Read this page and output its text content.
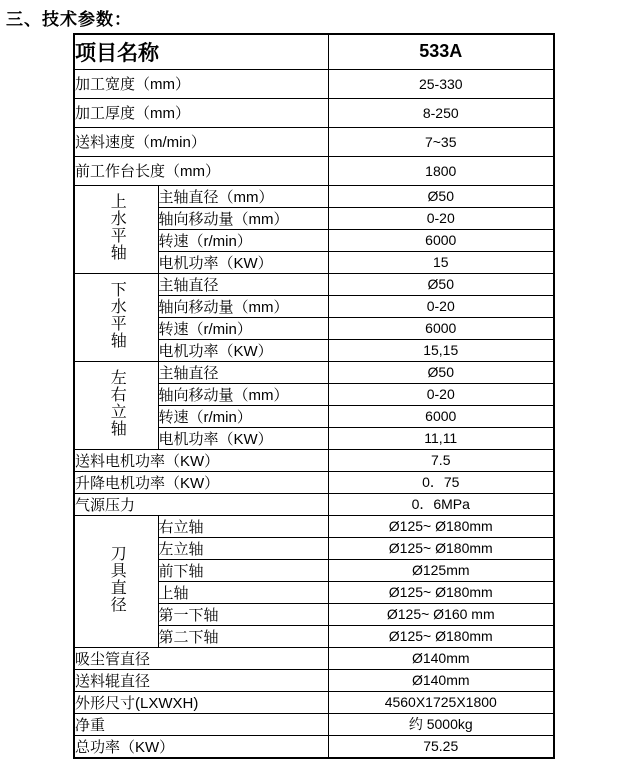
三、技术参数：
项目名称		533A
加工宽度（mm）		25-330
加工厚度（mm）		8-250
送料速度（m/min）		7~35
前工作台长度（mm）		1800
上水平轴	主轴直径（mm）	Ø50
	轴向移动量（mm）	0-20
	转速（r/min）	6000
	电机功率（KW）	15
下水平轴	主轴直径	Ø50
	轴向移动量（mm）	0-20
	转速（r/min）	6000
	电机功率（KW）	15,15
左右立轴	主轴直径	Ø50
	轴向移动量（mm）	0-20
	转速（r/min）	6000
	电机功率（KW）	11,11
送料电机功率（KW）		7.5
升降电机功率（KW）		0．75
气源压力		0．6MPa
刀具直径	右立轴	Ø125~ Ø180mm
	左立轴	Ø125~ Ø180mm
	前下轴	Ø125mm
	上轴	Ø125~ Ø180mm
	第一下轴	Ø125~ Ø160 mm
	第二下轴	Ø125~ Ø180mm
吸尘管直径		Ø140mm
送料辊直径		Ø140mm
外形尺寸(LXWXH)		4560X1725X1800
净重		约 5000kg
总功率（KW）		75.25
